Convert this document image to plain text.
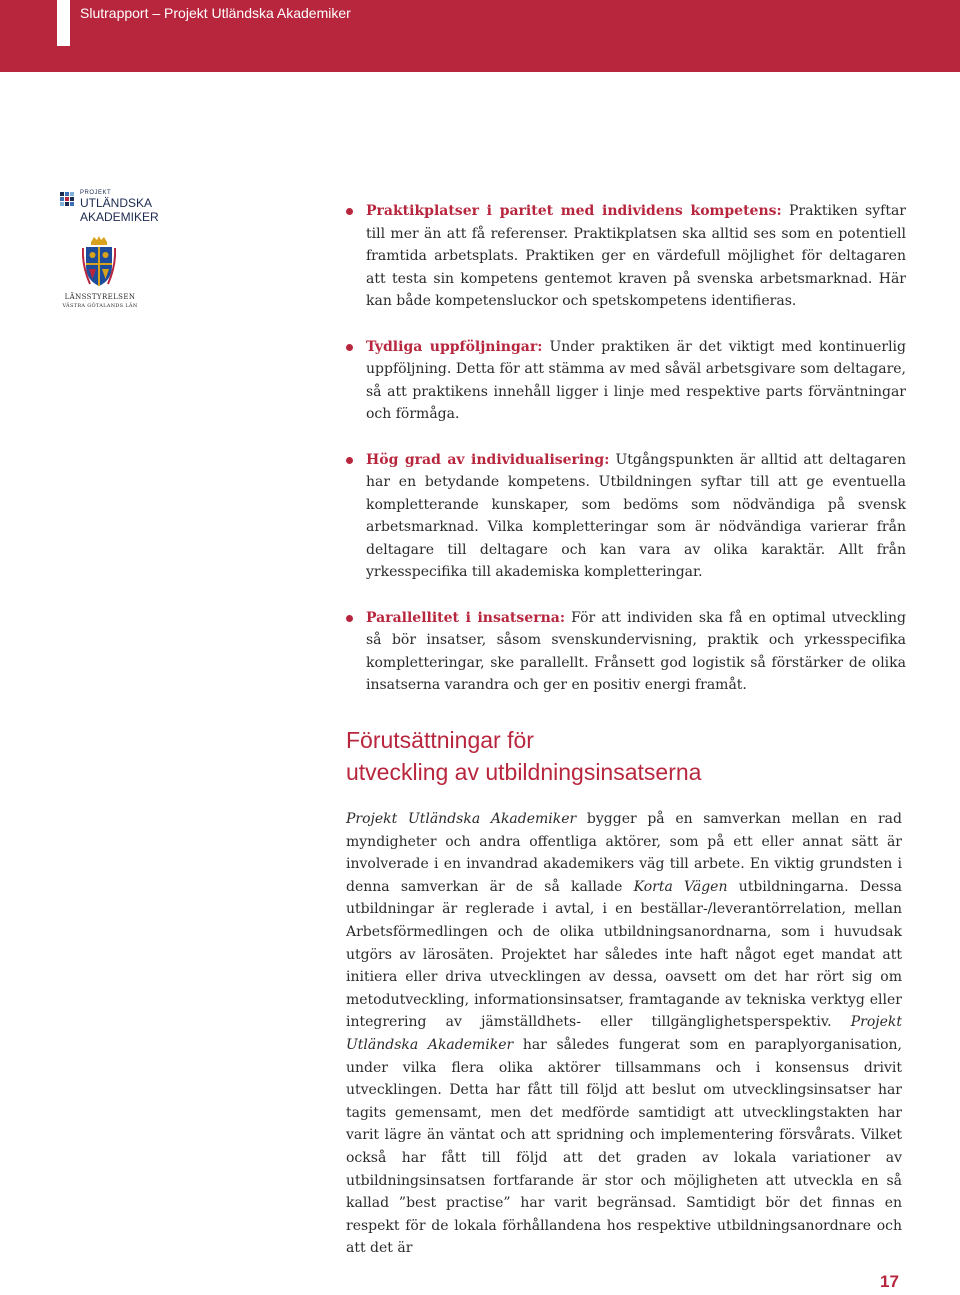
Slutrapport – Projekt Utländska Akademiker
PROJEKT
UTLÄNDSKA AKADEMIKER
LÄNSSTYRELSEN
VÄSTRA GÖTALANDS LÄN
Praktikplatser i paritet med individens kompetens: Praktiken syftar till mer än att få referenser. Praktikplatsen ska alltid ses som en potentiell framtida arbetsplats. Praktiken ger en värdefull möjlighet för deltagaren att testa sin kompetens gentemot kraven på svenska arbetsmarknad. Här kan både kompetensluckor och spetskompetens identifieras.
Tydliga uppföljningar: Under praktiken är det viktigt med kontinuerlig uppföljning. Detta för att stämma av med såväl arbetsgivare som deltagare, så att praktikens innehåll ligger i linje med respektive parts förväntningar och förmåga.
Hög grad av individualisering: Utgångspunkten är alltid att deltagaren har en betydande kompetens. Utbildningen syftar till att ge eventuella kompletterande kunskaper, som bedöms som nödvändiga på svensk arbetsmarknad. Vilka kompletteringar som är nödvändiga varierar från deltagare till deltagare och kan vara av olika karaktär. Allt från yrkesspecifika till akademiska kompletteringar.
Parallellitet i insatserna: För att individen ska få en optimal utveckling så bör insatser, såsom svenskundervisning, praktik och yrkesspecifika kompletteringar, ske parallellt. Frånsett god logistik så förstärker de olika insatserna varandra och ger en positiv energi framåt.
Förutsättningar för
utveckling av utbildningsinsatserna

Projekt Utländska Akademiker bygger på en samverkan mellan en rad myndigheter och andra offentliga aktörer, som på ett eller annat sätt är involverade i en invandrad akademikers väg till arbete. En viktig grundsten i denna samverkan är de så kallade Korta Vägen utbildningarna. Dessa utbildningar är reglerade i avtal, i en beställar-/leverantörrelation, mellan Arbetsförmedlingen och de olika utbildningsanordnarna, som i huvudsak utgörs av lärosäten. Projektet har således inte haft något eget mandat att initiera eller driva utvecklingen av dessa, oavsett om det har rört sig om metodutveckling, informationsinsatser, framtagande av tekniska verktyg eller integrering av jämställdhets- eller tillgänglighetsperspektiv. Projekt Utländska Akademiker har således fungerat som en paraplyorganisation, under vilka flera olika aktörer tillsammans och i konsensus drivit utvecklingen. Detta har fått till följd att beslut om utvecklingsinsatser har tagits gemensamt, men det medförde samtidigt att utvecklingstakten har varit lägre än väntat och att spridning och implementering försvårats. Vilket också har fått till följd att det graden av lokala variationer av utbildningsinsatsen fortfarande är stor och möjligheten att utveckla en så kallad ”best practise” har varit begränsad. Samtidigt bör det finnas en respekt för de lokala förhållandena hos respektive utbildningsanordnare och att det är

17
